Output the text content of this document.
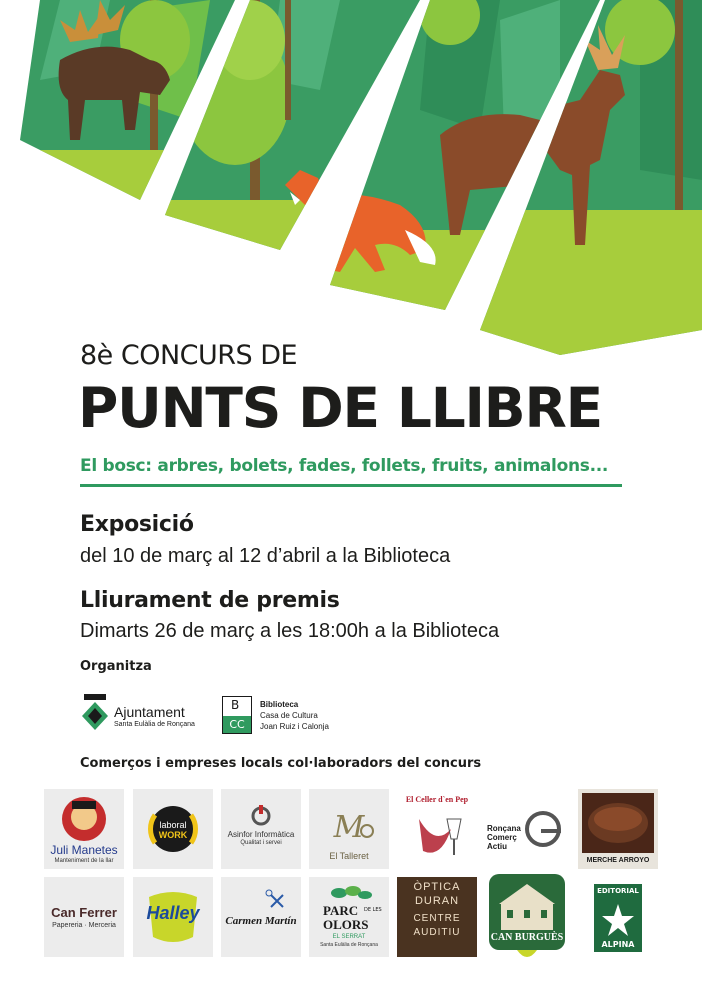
8è CONCURS DE
PUNTS DE LLIBRE
El bosc: arbres, bolets, fades, follets, fruits, animalons...
Exposició
del 10 de març al 12 d’abril a la Biblioteca
Lliurament de premis
Dimarts 26 de març a les 18:00h a la Biblioteca
Organitza
Ajuntament
Santa Eulàlia de Ronçana
B
CC
Biblioteca
Casa de Cultura
Joan Ruiz i Calonja
Comerços i empreses locals col·laboradors del concurs
Juli Manetes
Manteniment de la llar
laboral
WORK	Asinfor Informàtica
Qualitat i servei	M
El Talleret
El Celler d`en Pep
Ronçana Comerç Actiu
MERCHE ARROYO
Can Ferrer
Papereria · Merceria
Halley	Carmen Martín
PARC DE LES
OLORS
EL SERRAT
Santa Eulàlia de Ronçana
ÒPTICA
DURAN
CENTRE
AUDITIU	CAN BURGUÈS
EDITORIAL
ALPINA
